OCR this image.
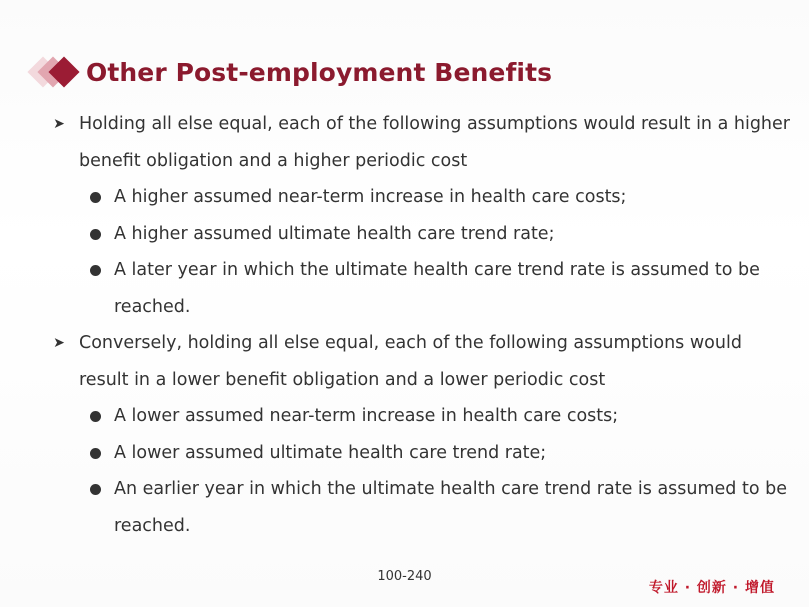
Other Post-employment Benefits
➤ Holding all else equal, each of the following assumptions would result in a higher benefit obligation and a higher periodic cost
A higher assumed near-term increase in health care costs;
A higher assumed ultimate health care trend rate;
A later year in which the ultimate health care trend rate is assumed to be reached.
➤ Conversely, holding all else equal, each of the following assumptions would result in a lower benefit obligation and a lower periodic cost
A lower assumed near-term increase in health care costs;
A lower assumed ultimate health care trend rate;
An earlier year in which the ultimate health care trend rate is assumed to be reached.
100-240
专业 · 创新 · 增值
